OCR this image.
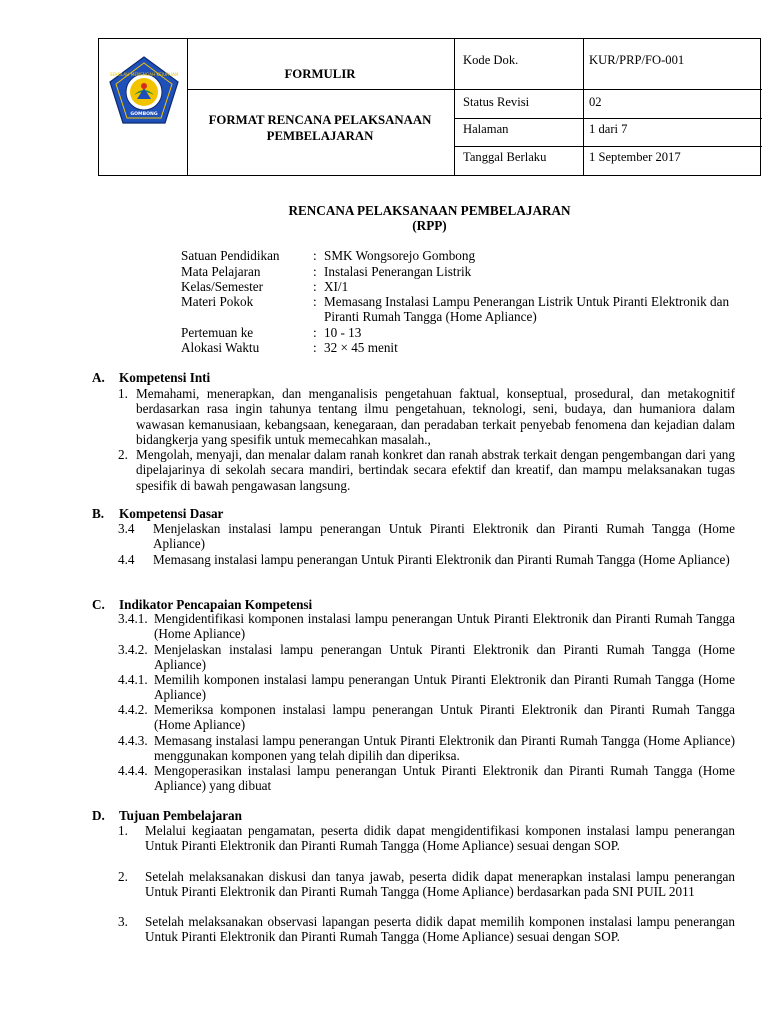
SEKOLAH MENENGAH KEJURUAN
GOMBONG
FORMULIR
FORMAT RENCANA PELAKSANAAN PEMBELAJARAN
Kode Dok.	KUR/PRP/FO-001
Status Revisi	02
Halaman	1 dari 7
Tanggal Berlaku	1 September 2017
RENCANA PELAKSANAAN PEMBELAJARAN
(RPP)
Satuan Pendidikan	: SMK Wongsorejo Gombong
Mata Pelajaran	: Instalasi Penerangan Listrik
Kelas/Semester	: XI/1
Materi Pokok	: Memasang Instalasi Lampu Penerangan Listrik Untuk Piranti Elektronik dan Piranti Rumah Tangga (Home Apliance)
Pertemuan ke	: 10 - 13
Alokasi Waktu	: 32 × 45 menit
A. Kompetensi Inti
1. Memahami, menerapkan, dan menganalisis pengetahuan faktual, konseptual, prosedural, dan metakognitif berdasarkan rasa ingin tahunya tentang ilmu pengetahuan, teknologi, seni, budaya, dan humaniora dalam wawasan kemanusiaan, kebangsaan, kenegaraan, dan peradaban terkait penyebab fenomena dan kejadian dalam bidangkerja yang spesifik untuk memecahkan masalah.,
2. Mengolah, menyaji, dan menalar dalam ranah konkret dan ranah abstrak terkait dengan pengembangan dari yang dipelajarinya di sekolah secara mandiri, bertindak secara efektif dan kreatif, dan mampu melaksanakan tugas spesifik di bawah pengawasan langsung.
B. Kompetensi Dasar
3.4 Menjelaskan instalasi lampu penerangan Untuk Piranti Elektronik dan Piranti Rumah Tangga (Home Apliance)
4.4 Memasang instalasi lampu penerangan Untuk Piranti Elektronik dan Piranti Rumah Tangga (Home Apliance)
C. Indikator Pencapaian Kompetensi
3.4.1. Mengidentifikasi komponen instalasi lampu penerangan Untuk Piranti Elektronik dan Piranti Rumah Tangga (Home Apliance)
3.4.2. Menjelaskan instalasi lampu penerangan Untuk Piranti Elektronik dan Piranti Rumah Tangga (Home Apliance)
4.4.1. Memilih komponen instalasi lampu penerangan Untuk Piranti Elektronik dan Piranti Rumah Tangga (Home Apliance)
4.4.2. Memeriksa komponen instalasi lampu penerangan Untuk Piranti Elektronik dan Piranti Rumah Tangga (Home Apliance)
4.4.3. Memasang instalasi lampu penerangan Untuk Piranti Elektronik dan Piranti Rumah Tangga (Home Apliance) menggunakan komponen yang telah dipilih dan diperiksa.
4.4.4. Mengoperasikan instalasi lampu penerangan Untuk Piranti Elektronik dan Piranti Rumah Tangga (Home Apliance) yang dibuat
D. Tujuan Pembelajaran
1. Melalui kegiaatan pengamatan, peserta didik dapat mengidentifikasi komponen instalasi lampu penerangan Untuk Piranti Elektronik dan Piranti Rumah Tangga (Home Apliance) sesuai dengan SOP.
2. Setelah melaksanakan diskusi dan tanya jawab, peserta didik dapat menerapkan instalasi lampu penerangan Untuk Piranti Elektronik dan Piranti Rumah Tangga (Home Apliance) berdasarkan pada SNI PUIL 2011
3. Setelah melaksanakan observasi lapangan peserta didik dapat memilih komponen instalasi lampu penerangan Untuk Piranti Elektronik dan Piranti Rumah Tangga (Home Apliance) sesuai dengan SOP.
